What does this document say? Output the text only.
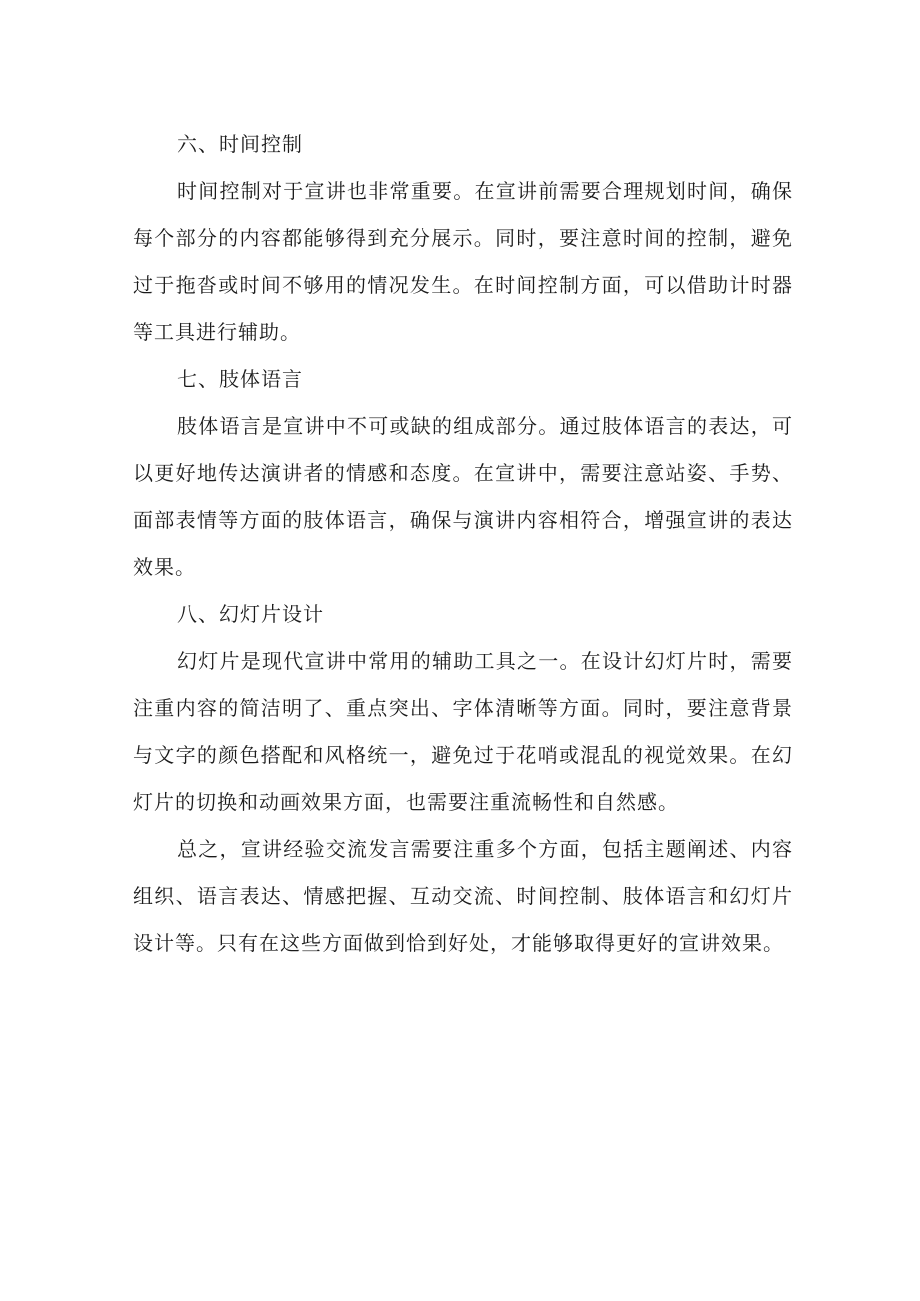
六、时间控制

时间控制对于宣讲也非常重要。在宣讲前需要合理规划时间，确保每个部分的内容都能够得到充分展示。同时，要注意时间的控制，避免过于拖沓或时间不够用的情况发生。在时间控制方面，可以借助计时器等工具进行辅助。

七、肢体语言

肢体语言是宣讲中不可或缺的组成部分。通过肢体语言的表达，可以更好地传达演讲者的情感和态度。在宣讲中，需要注意站姿、手势、面部表情等方面的肢体语言，确保与演讲内容相符合，增强宣讲的表达效果。

八、幻灯片设计

幻灯片是现代宣讲中常用的辅助工具之一。在设计幻灯片时，需要注重内容的简洁明了、重点突出、字体清晰等方面。同时，要注意背景与文字的颜色搭配和风格统一，避免过于花哨或混乱的视觉效果。在幻灯片的切换和动画效果方面，也需要注重流畅性和自然感。

总之，宣讲经验交流发言需要注重多个方面，包括主题阐述、内容组织、语言表达、情感把握、互动交流、时间控制、肢体语言和幻灯片设计等。只有在这些方面做到恰到好处，才能够取得更好的宣讲效果。
